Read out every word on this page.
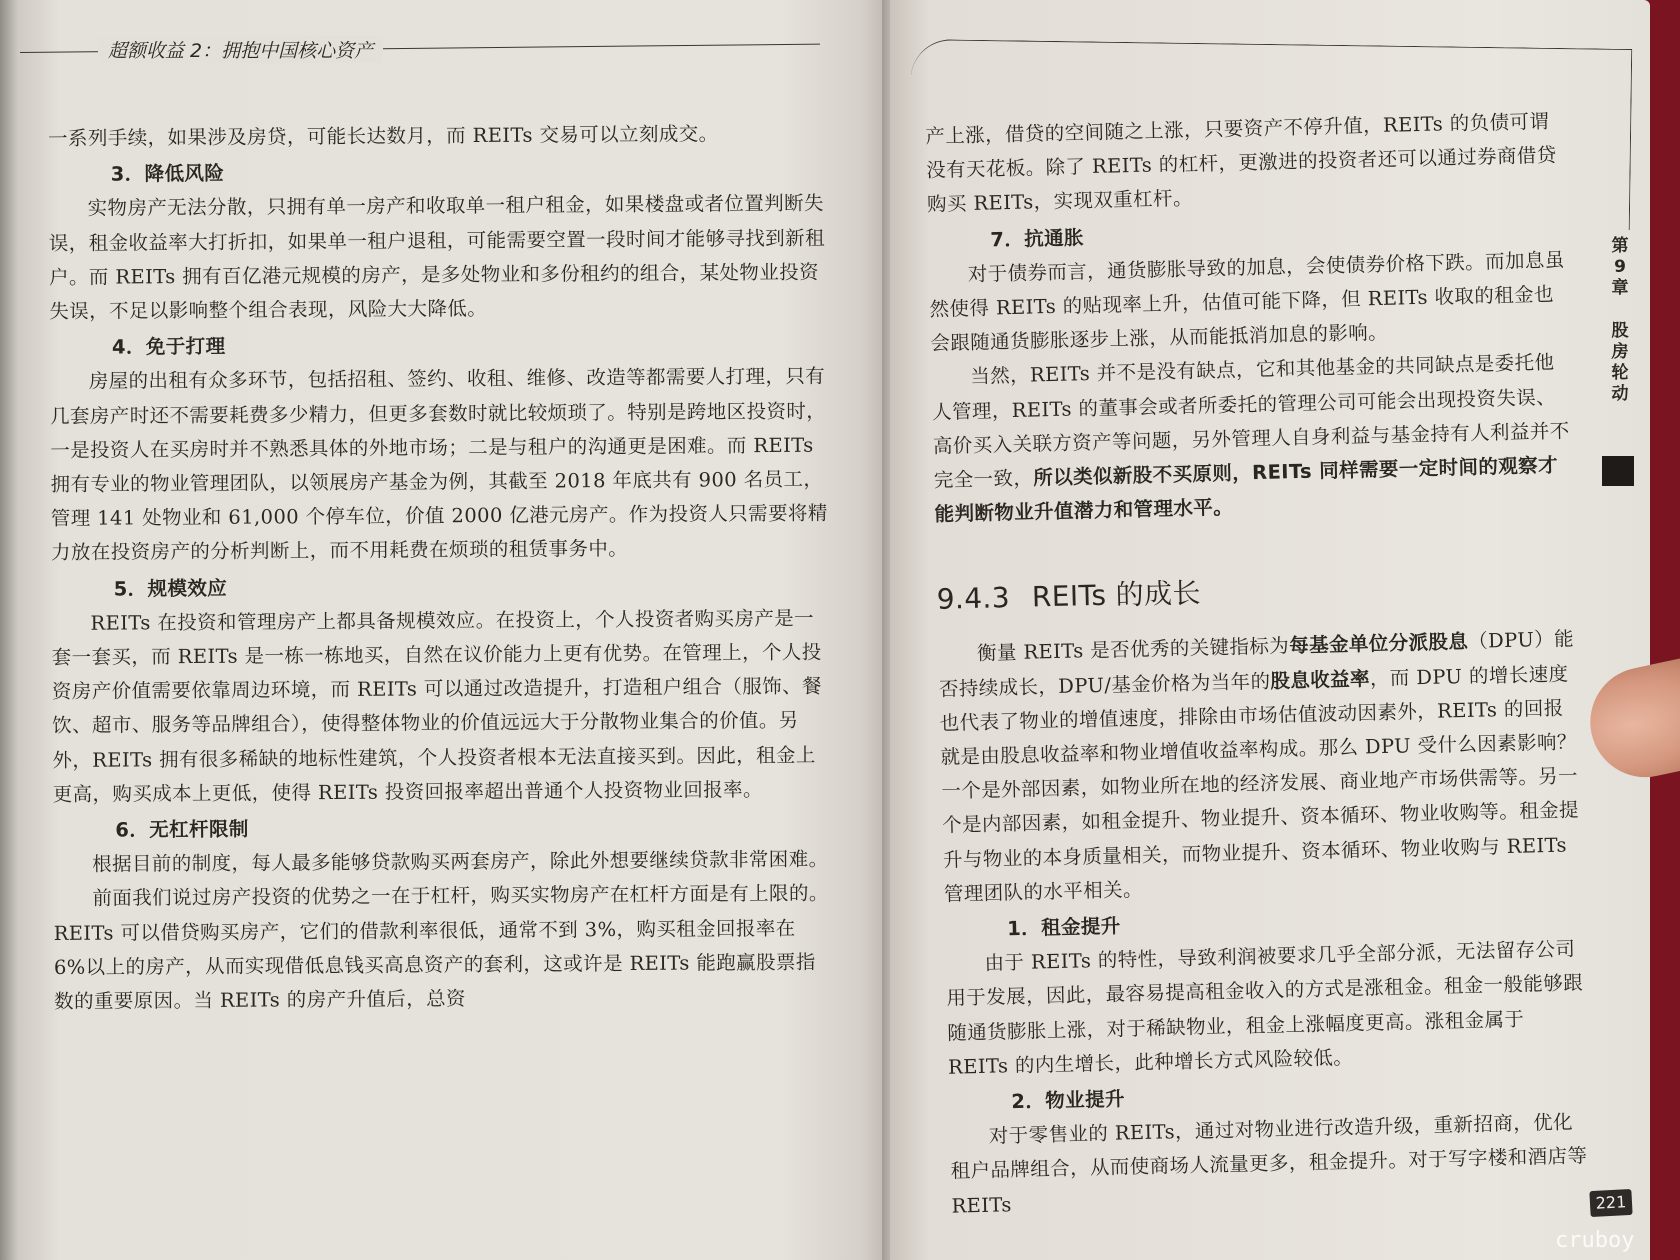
超额收益 2：拥抱中国核心资产

一系列手续，如果涉及房贷，可能长达数月，而 REITs 交易可以立刻成交。

3．降低风险

实物房产无法分散，只拥有单一房产和收取单一租户租金，如果楼盘或者位置判断失误，租金收益率大打折扣，如果单一租户退租，可能需要空置一段时间才能够寻找到新租户。而 REITs 拥有百亿港元规模的房产，是多处物业和多份租约的组合，某处物业投资失误，不足以影响整个组合表现，风险大大降低。

4．免于打理

房屋的出租有众多环节，包括招租、签约、收租、维修、改造等都需要人打理，只有几套房产时还不需要耗费多少精力，但更多套数时就比较烦琐了。特别是跨地区投资时，一是投资人在买房时并不熟悉具体的外地市场；二是与租户的沟通更是困难。而 REITs 拥有专业的物业管理团队，以领展房产基金为例，其截至 2018 年底共有 900 名员工，管理 141 处物业和 61,000 个停车位，价值 2000 亿港元房产。作为投资人只需要将精力放在投资房产的分析判断上，而不用耗费在烦琐的租赁事务中。

5．规模效应

REITs 在投资和管理房产上都具备规模效应。在投资上，个人投资者购买房产是一套一套买，而 REITs 是一栋一栋地买，自然在议价能力上更有优势。在管理上，个人投资房产价值需要依靠周边环境，而 REITs 可以通过改造提升，打造租户组合（服饰、餐饮、超市、服务等品牌组合），使得整体物业的价值远远大于分散物业集合的价值。另外，REITs 拥有很多稀缺的地标性建筑，个人投资者根本无法直接买到。因此，租金上更高，购买成本上更低，使得 REITs 投资回报率超出普通个人投资物业回报率。

6．无杠杆限制

根据目前的制度，每人最多能够贷款购买两套房产，除此外想要继续贷款非常困难。

前面我们说过房产投资的优势之一在于杠杆，购买实物房产在杠杆方面是有上限的。REITs 可以借贷购买房产，它们的借款利率很低，通常不到 3%，购买租金回报率在 6%以上的房产，从而实现借低息钱买高息资产的套利，这或许是 REITs 能跑赢股票指数的重要原因。当 REITs 的房产升值后，总资

产上涨，借贷的空间随之上涨，只要资产不停升值，REITs 的负债可谓没有天花板。除了 REITs 的杠杆，更激进的投资者还可以通过券商借贷购买 REITs，实现双重杠杆。

7．抗通胀

对于债券而言，通货膨胀导致的加息，会使债券价格下跌。而加息虽然使得 REITs 的贴现率上升，估值可能下降，但 REITs 收取的租金也会跟随通货膨胀逐步上涨，从而能抵消加息的影响。

当然，REITs 并不是没有缺点，它和其他基金的共同缺点是委托他人管理，REITs 的董事会或者所委托的管理公司可能会出现投资失误、高价买入关联方资产等问题，另外管理人自身利益与基金持有人利益并不完全一致，所以类似新股不买原则，REITs 同样需要一定时间的观察才能判断物业升值潜力和管理水平。

9.4.3 REITs 的成长

衡量 REITs 是否优秀的关键指标为每基金单位分派股息（DPU）能否持续成长，DPU/基金价格为当年的股息收益率，而 DPU 的增长速度也代表了物业的增值速度，排除由市场估值波动因素外，REITs 的回报就是由股息收益率和物业增值收益率构成。那么 DPU 受什么因素影响？一个是外部因素，如物业所在地的经济发展、商业地产市场供需等。另一个是内部因素，如租金提升、物业提升、资本循环、物业收购等。租金提升与物业的本身质量相关，而物业提升、资本循环、物业收购与 REITs 管理团队的水平相关。

1．租金提升

由于 REITs 的特性，导致利润被要求几乎全部分派，无法留存公司用于发展，因此，最容易提高租金收入的方式是涨租金。租金一般能够跟随通货膨胀上涨，对于稀缺物业，租金上涨幅度更高。涨租金属于 REITs 的内生增长，此种增长方式风险较低。

2．物业提升

对于零售业的 REITs，通过对物业进行改造升级，重新招商，优化租户品牌组合，从而使商场人流量更多，租金提升。对于写字楼和酒店等 REITs

第
9
章
股
房
轮
动
221
cruboy
